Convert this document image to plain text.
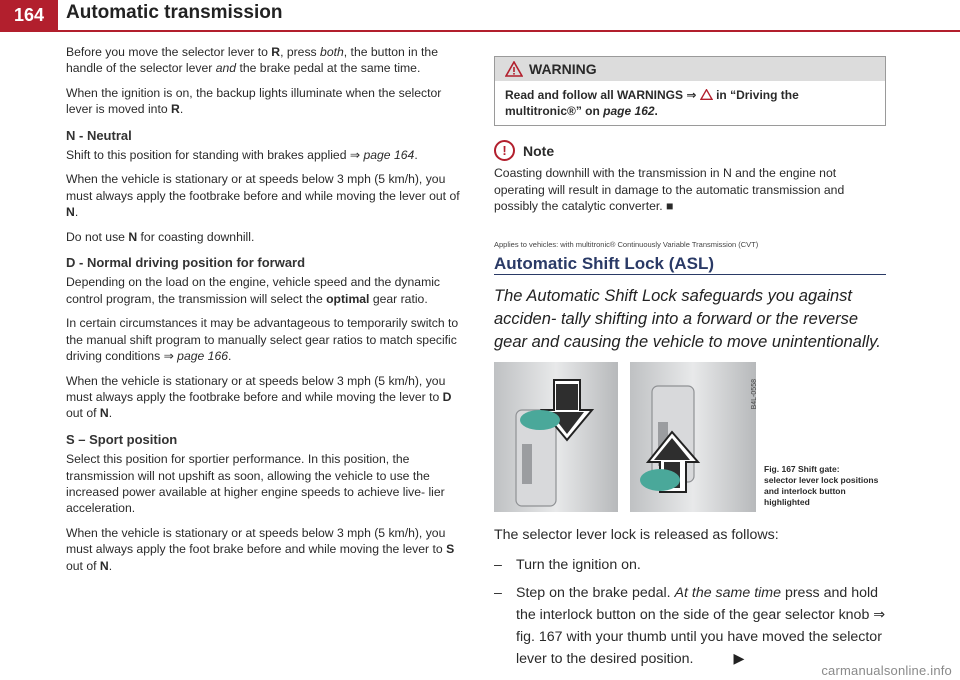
164	Automatic transmission

Before you move the selector lever to R, press both, the button in the handle of the selector lever and the brake pedal at the same time.

When the ignition is on, the backup lights illuminate when the selector lever is moved into R.

N - Neutral

Shift to this position for standing with brakes applied ⇒ page 164.

When the vehicle is stationary or at speeds below 3 mph (5 km/h), you must always apply the footbrake before and while moving the lever out of N.

Do not use N for coasting downhill.

D - Normal driving position for forward

Depending on the load on the engine, vehicle speed and the dynamic control program, the transmission will select the optimal gear ratio.

In certain circumstances it may be advantageous to temporarily switch to the manual shift program to manually select gear ratios to match specific driving conditions ⇒ page 166.

When the vehicle is stationary or at speeds below 3 mph (5 km/h), you must always apply the footbrake before and while moving the lever to D out of N.

S – Sport position

Select this position for sportier performance. In this position, the transmission will not upshift as soon, allowing the vehicle to use the increased power available at higher engine speeds to achieve live- lier acceleration.

When the vehicle is stationary or at speeds below 3 mph (5 km/h), you must always apply the foot brake before and while moving the lever to S out of N.

WARNING
Read and follow all WARNINGS ⇒  in “Driving the multitronic®” on page 162.
!	Note

Coasting downhill with the transmission in N and the engine not operating will result in damage to the automatic transmission and possibly the catalytic converter. ■

Applies to vehicles: with multitronic® Continuously Variable Transmission (CVT)
Automatic Shift Lock (ASL)

The Automatic Shift Lock safeguards you against acciden- tally shifting into a forward or the reverse gear and causing the vehicle to move unintentionally.

B4L-0558
Fig. 167 Shift gate:
selector lever lock positions and interlock button highlighted

The selector lever lock is released as follows:

– Turn the ignition on.
– Step on the brake pedal. At the same time press and hold the interlock button on the side of the gear selector knob ⇒ fig. 167 with your thumb until you have moved the selector lever to the desired position.	▶
carmanualsonline.info
